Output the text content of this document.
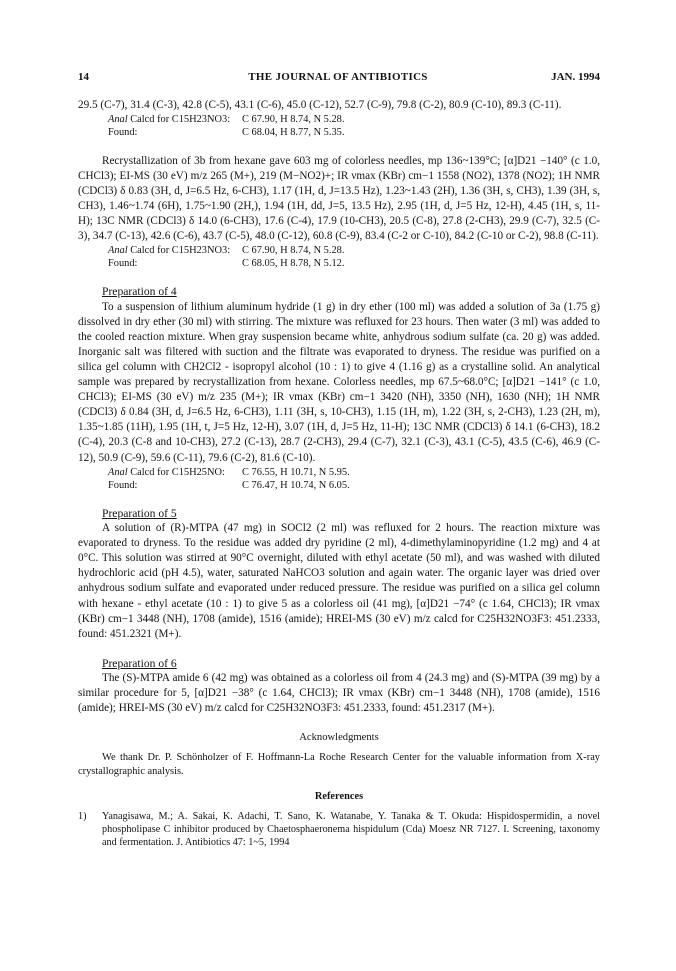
14	THE JOURNAL OF ANTIBIOTICS	JAN. 1994

29.5 (C-7), 31.4 (C-3), 42.8 (C-5), 43.1 (C-6), 45.0 (C-12), 52.7 (C-9), 79.8 (C-2), 80.9 (C-10), 89.3 (C-11).

Anal Calcd for C15H23NO3: C 67.90, H 8.74, N 5.28.
Found:	C 68.04, H 8.77, N 5.35.

Recrystallization of 3b from hexane gave 603 mg of colorless needles, mp 136~139°C; [α]D21 −140° (c 1.0, CHCl3); EI-MS (30 eV) m/z 265 (M+), 219 (M−NO2)+; IR νmax (KBr) cm−1 1558 (NO2), 1378 (NO2); 1H NMR (CDCl3) δ 0.83 (3H, d, J=6.5 Hz, 6-CH3), 1.17 (1H, d, J=13.5 Hz), 1.23~1.43 (2H), 1.36 (3H, s, CH3), 1.39 (3H, s, CH3), 1.46~1.74 (6H), 1.75~1.90 (2H,), 1.94 (1H, dd, J=5, 13.5 Hz), 2.95 (1H, d, J=5 Hz, 12-H), 4.45 (1H, s, 11-H); 13C NMR (CDCl3) δ 14.0 (6-CH3), 17.6 (C-4), 17.9 (10-CH3), 20.5 (C-8), 27.8 (2-CH3), 29.9 (C-7), 32.5 (C-3), 34.7 (C-13), 42.6 (C-6), 43.7 (C-5), 48.0 (C-12), 60.8 (C-9), 83.4 (C-2 or C-10), 84.2 (C-10 or C-2), 98.8 (C-11).

Anal Calcd for C15H23NO3: C 67.90, H 8.74, N 5.28.
Found:	C 68.05, H 8.78, N 5.12.

Preparation of 4

To a suspension of lithium aluminum hydride (1 g) in dry ether (100 ml) was added a solution of 3a (1.75 g) dissolved in dry ether (30 ml) with stirring. The mixture was refluxed for 23 hours. Then water (3 ml) was added to the cooled reaction mixture. When gray suspension became white, anhydrous sodium sulfate (ca. 20 g) was added. Inorganic salt was filtered with suction and the filtrate was evaporated to dryness. The residue was purified on a silica gel column with CH2Cl2 - isopropyl alcohol (10 : 1) to give 4 (1.16 g) as a crystalline solid. An analytical sample was prepared by recrystallization from hexane. Colorless needles, mp 67.5~68.0°C; [α]D21 −141° (c 1.0, CHCl3); EI-MS (30 eV) m/z 235 (M+); IR νmax (KBr) cm−1 3420 (NH), 3350 (NH), 1630 (NH); 1H NMR (CDCl3) δ 0.84 (3H, d, J=6.5 Hz, 6-CH3), 1.11 (3H, s, 10-CH3), 1.15 (1H, m), 1.22 (3H, s, 2-CH3), 1.23 (2H, m), 1.35~1.85 (11H), 1.95 (1H, t, J=5 Hz, 12-H), 3.07 (1H, d, J=5 Hz, 11-H); 13C NMR (CDCl3) δ 14.1 (6-CH3), 18.2 (C-4), 20.3 (C-8 and 10-CH3), 27.2 (C-13), 28.7 (2-CH3), 29.4 (C-7), 32.1 (C-3), 43.1 (C-5), 43.5 (C-6), 46.9 (C-12), 50.9 (C-9), 59.6 (C-11), 79.6 (C-2), 81.6 (C-10).

Anal Calcd for C15H25NO: C 76.55, H 10.71, N 5.95.
Found:	C 76.47, H 10.74, N 6.05.

Preparation of 5

A solution of (R)-MTPA (47 mg) in SOCl2 (2 ml) was refluxed for 2 hours. The reaction mixture was evaporated to dryness. To the residue was added dry pyridine (2 ml), 4-dimethylaminopyridine (1.2 mg) and 4 at 0°C. This solution was stirred at 90°C overnight, diluted with ethyl acetate (50 ml), and was washed with diluted hydrochloric acid (pH 4.5), water, saturated NaHCO3 solution and again water. The organic layer was dried over anhydrous sodium sulfate and evaporated under reduced pressure. The residue was purified on a silica gel column with hexane - ethyl acetate (10 : 1) to give 5 as a colorless oil (41 mg), [α]D21 −74° (c 1.64, CHCl3); IR νmax (KBr) cm−1 3448 (NH), 1708 (amide), 1516 (amide); HREI-MS (30 eV) m/z calcd for C25H32NO3F3: 451.2333, found: 451.2321 (M+).

Preparation of 6

The (S)-MTPA amide 6 (42 mg) was obtained as a colorless oil from 4 (24.3 mg) and (S)-MTPA (39 mg) by a similar procedure for 5, [α]D21 −38° (c 1.64, CHCl3); IR νmax (KBr) cm−1 3448 (NH), 1708 (amide), 1516 (amide); HREI-MS (30 eV) m/z calcd for C25H32NO3F3: 451.2333, found: 451.2317 (M+).

Acknowledgments

We thank Dr. P. Schönholzer of F. Hoffmann-La Roche Research Center for the valuable information from X-ray crystallographic analysis.

References

1) Yanagisawa, M.; A. Sakai, K. Adachi, T. Sano, K. Watanabe, Y. Tanaka & T. Okuda: Hispidospermidin, a novel phospholipase C inhibitor produced by Chaetosphaeronema hispidulum (Cda) Moesz NR 7127. I. Screening, taxonomy and fermentation. J. Antibiotics 47: 1~5, 1994
